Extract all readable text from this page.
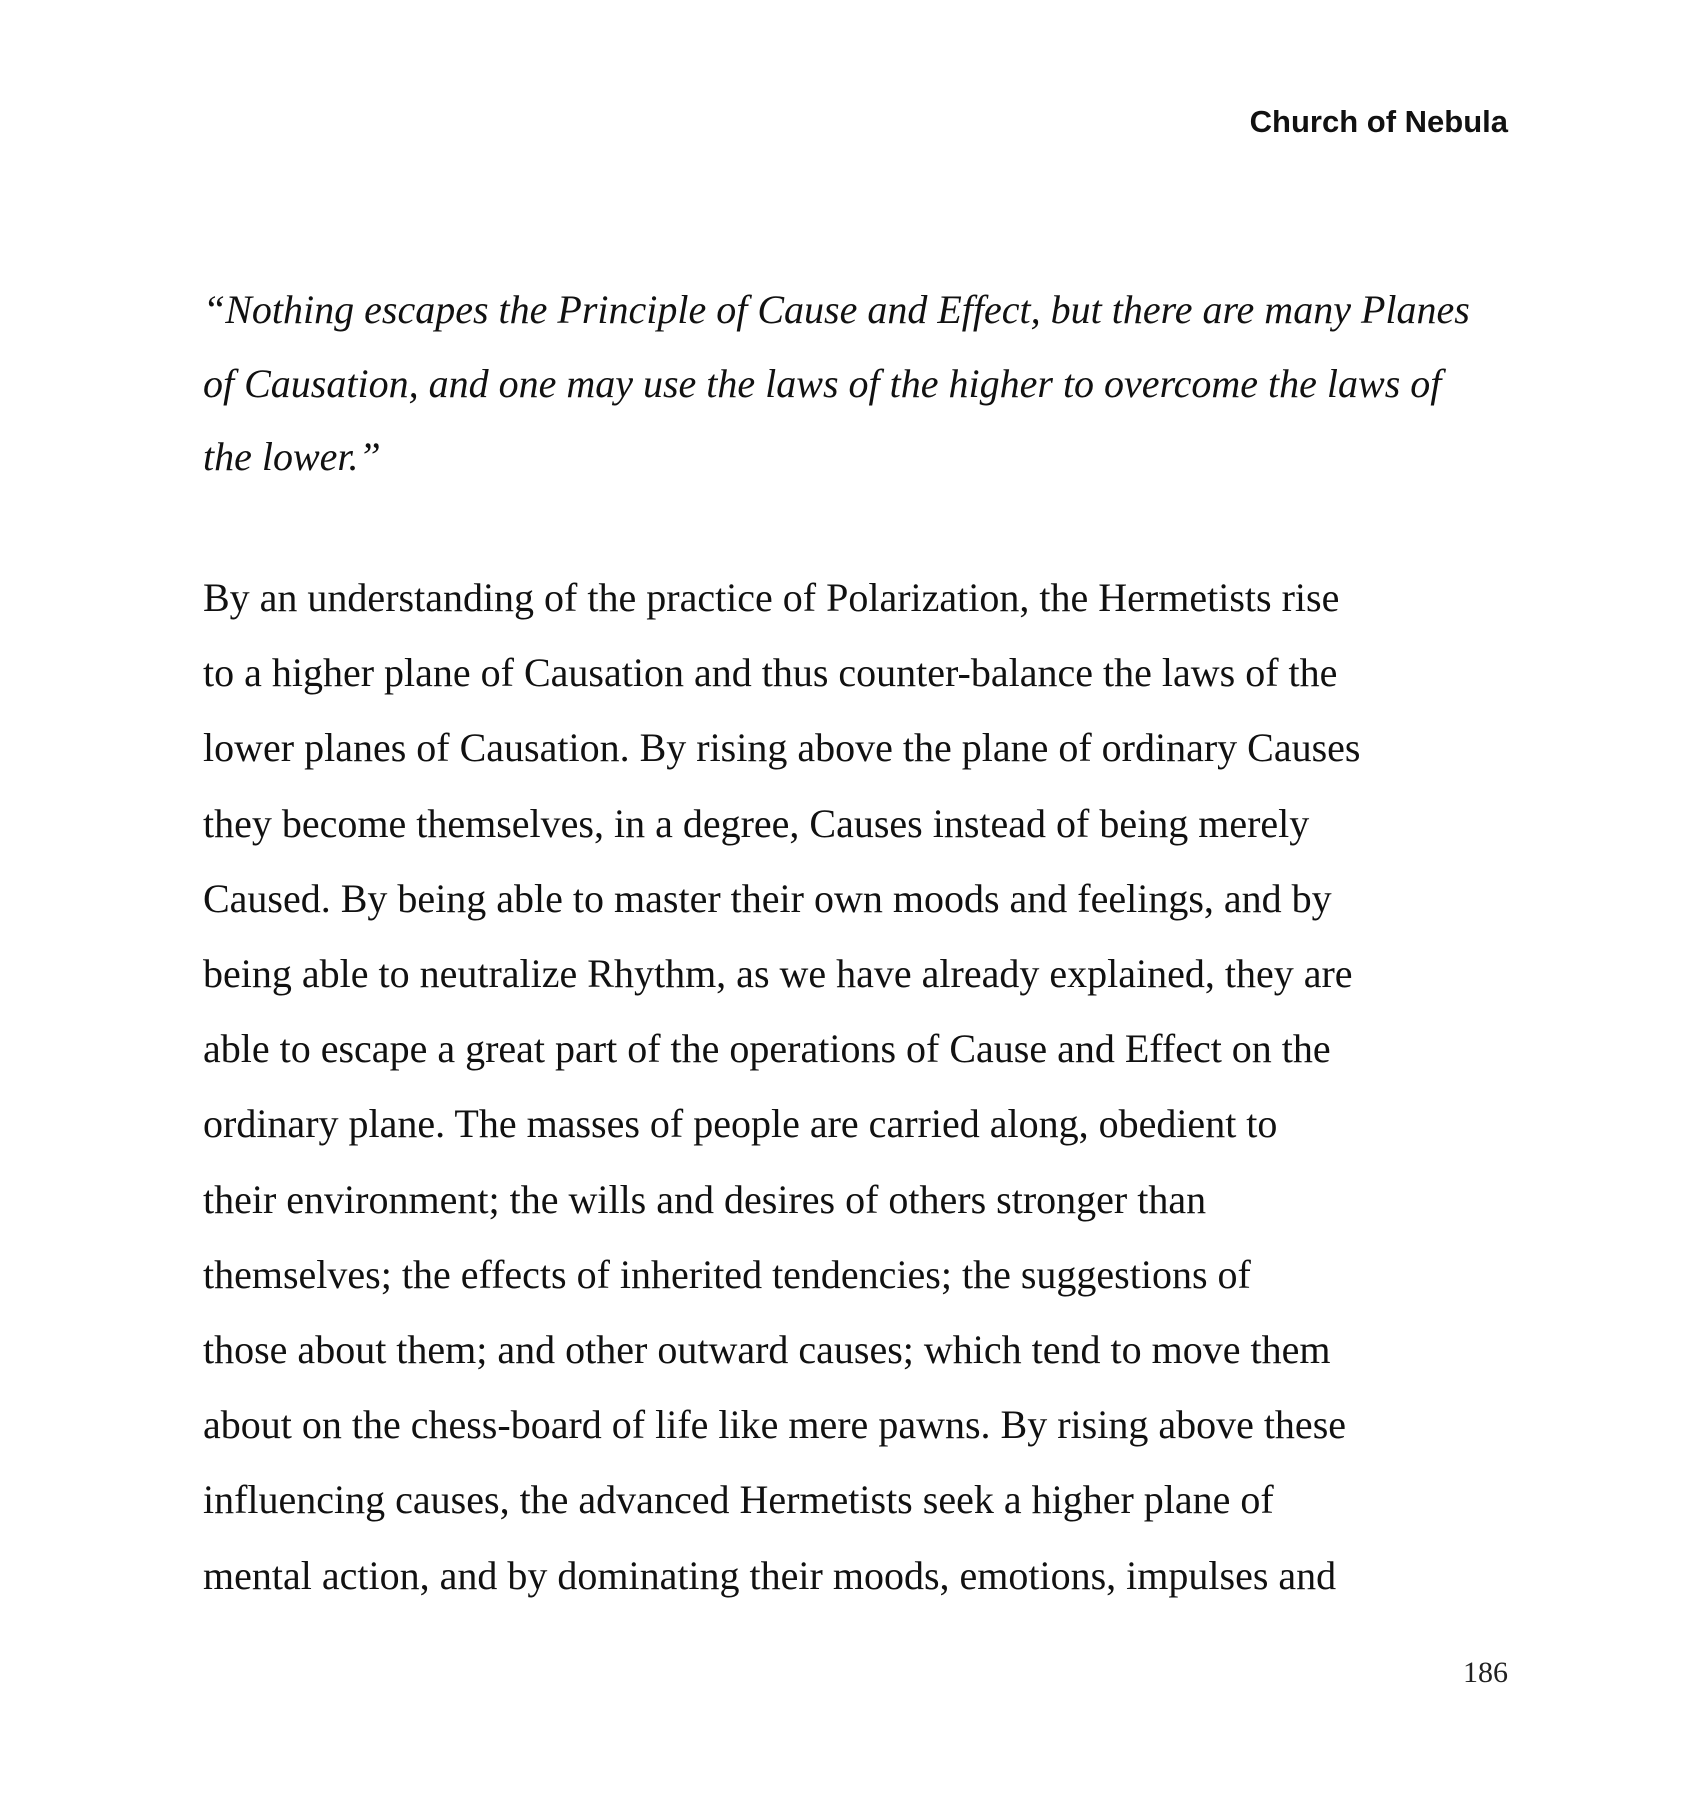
Church of Nebula
“Nothing escapes the Principle of Cause and Effect, but there are many Planes
of Causation, and one may use the laws of the higher to overcome the laws of
the lower.”
By an understanding of the practice of Polarization, the Hermetists rise
to a higher plane of Causation and thus counter-balance the laws of the
lower planes of Causation. By rising above the plane of ordinary Causes
they become themselves, in a degree, Causes instead of being merely
Caused. By being able to master their own moods and feelings, and by
being able to neutralize Rhythm, as we have already explained, they are
able to escape a great part of the operations of Cause and Effect on the
ordinary plane. The masses of people are carried along, obedient to
their environment; the wills and desires of others stronger than
themselves; the effects of inherited tendencies; the suggestions of
those about them; and other outward causes; which tend to move them
about on the chess-board of life like mere pawns. By rising above these
influencing causes, the advanced Hermetists seek a higher plane of
mental action, and by dominating their moods, emotions, impulses and
186
